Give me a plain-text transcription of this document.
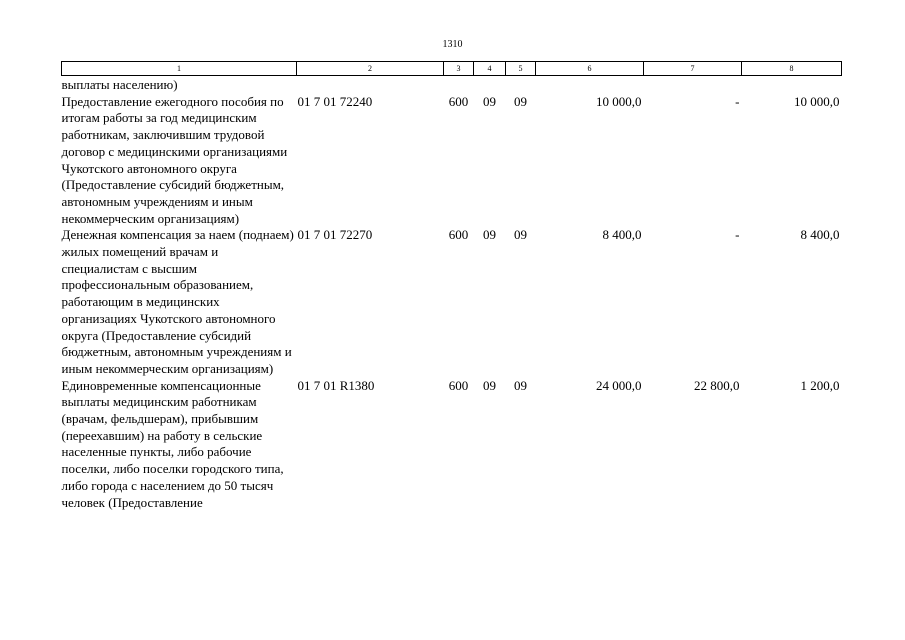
1310
1	2	3	4	5	6	7	8
выплаты населению)							
Предоставление ежегодного пособия по итогам работы за год медицинским работникам, заключившим трудовой договор с медицинскими организациями Чукотского автономного округа (Предоставление субсидий бюджетным, автономным учреждениям и иным некоммерческим организациям)	01 7 01 72240	600	09	09	10 000,0	-	10 000,0
Денежная компенсация за наем (поднаем) жилых помещений врачам и специалистам с высшим профессиональным образованием, работающим в медицинских организациях Чукотского автономного округа (Предоставление субсидий бюджетным, автономным учреждениям и иным некоммерческим организациям)	01 7 01 72270	600	09	09	8 400,0	-	8 400,0
Единовременные компенсационные выплаты медицинским работникам (врачам, фельдшерам), прибывшим (переехавшим) на работу в сельские населенные пункты, либо рабочие поселки, либо поселки городского типа, либо города с населением до 50 тысяч человек (Предоставление	01 7 01 R1380	600	09	09	24 000,0	22 800,0	1 200,0
